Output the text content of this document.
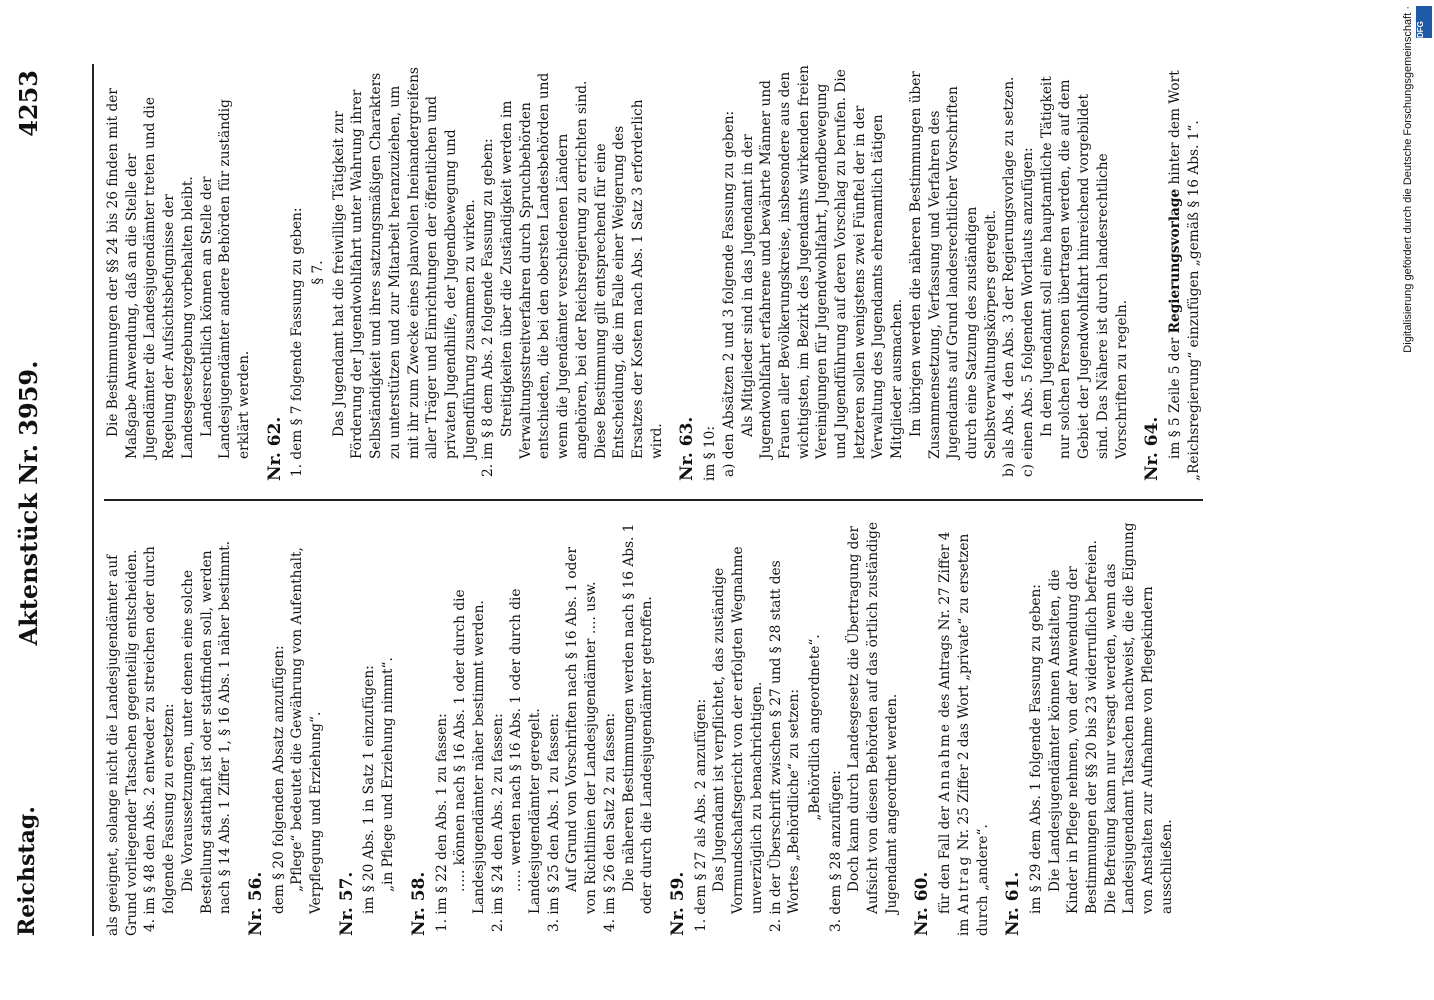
Reichstag.
Aktenstück Nr. 3959.
4253

als geeignet, solange nicht die Landesjugendämter auf Grund vorliegender Tatsachen gegenteilig entscheiden. 4. im § 48 den Abs. 2 entweder zu streichen oder durch folgende Fassung zu ersetzen: Die Voraussetzungen, unter denen eine solche Bestellung statthaft ist oder stattfinden soll, werden nach § 14 Abs. 1 Ziffer 1, § 16 Abs. 1 näher bestimmt. Nr. 56. dem § 20 folgenden Absatz anzufügen: „Pflege“ bedeutet die Gewährung von Aufenthalt, Verpflegung und Erziehung“. Nr. 57. im § 20 Abs. 1 in Satz 1 einzufügen: „in Pflege und Erziehung nimmt“.

Nr. 58. 1. im § 22 den Abs. 1 zu fassen: ….. können nach § 16 Abs. 1 oder durch die Landesjugendämter näher bestimmt werden. 2. im § 24 den Abs. 2 zu fassen: ….. werden nach § 16 Abs. 1 oder durch die Landesjugendämter geregelt. 3. im § 25 den Abs. 1 zu fassen: Auf Grund von Vorschriften nach § 16 Abs. 1 oder von Richtlinien der Landesjugendämter …. usw. 4. im § 26 den Satz 2 zu fassen: Die näheren Bestimmungen werden nach § 16 Abs. 1 oder durch die Landesjugendämter getroffen. Nr. 59. 1. dem § 27 als Abs. 2 anzufügen: Das Jugendamt ist verpflichtet, das zuständige Vormundschaftsgericht von der erfolgten Wegnahme unverzüglich zu benachrichtigen. 2. in der Überschrift zwischen § 27 und § 28 statt des Wortes „Behördliche“ zu setzen: „Behördlich angeordnete“.

3. dem § 28 anzufügen: Doch kann durch Landesgesetz die Übertragung der Aufsicht von diesen Behörden auf das örtlich zuständige Jugendamt angeordnet werden. Nr. 60. für den Fall der Annahme des Antrags Nr. 27 Ziffer 4 im Antrag Nr. 25 Ziffer 2 das Wort „private“ zu ersetzen durch „andere“. Nr. 61. im § 29 dem Abs. 1 folgende Fassung zu geben: Die Landesjugendämter können Anstalten, die Kinder in Pflege nehmen, von der Anwendung der Bestimmungen der §§ 20 bis 23 widerruflich befreien. Die Befreiung kann nur versagt werden, wenn das Landesjugendamt Tatsachen nachweist, die die Eignung von Anstalten zur Aufnahme von Pflegekindern ausschließen.

Die Bestimmungen der §§ 24 bis 26 finden mit der Maßgabe Anwendung, daß an die Stelle der Jugendämter die Landesjugendämter treten und die Regelung der Aufsichtsbefugnisse der Landesgesetzgebung vorbehalten bleibt. Landesrechtlich können an Stelle der Landesjugendämter andere Behörden für zuständig erklärt werden. Nr. 62. 1. dem § 7 folgende Fassung zu geben: § 7. Das Jugendamt hat die freiwillige Tätigkeit zur Förderung der Jugendwohlfahrt unter Wahrung ihrer Selbständigkeit und ihres satzungsmäßigen Charakters zu unterstützen und zur Mitarbeit heranzuziehen, um mit ihr zum Zwecke eines planvollen Ineinandergreifens aller Träger und Einrichtungen der öffentlichen und privaten Jugendhilfe, der Jugendbewegung und Jugendführung zusammen zu wirken. 2. im § 8 dem Abs. 2 folgende Fassung zu geben: Streitigkeiten über die Zuständigkeit werden im Verwaltungsstreitverfahren durch Spruchbehörden entschieden, die bei den obersten Landesbehörden und wenn die Jugendämter verschiedenen Ländern angehören, bei der Reichsregierung zu errichten sind. Diese Bestimmung gilt entsprechend für eine Entscheidung, die im Falle einer Weigerung des Ersatzes der Kosten nach Abs. 1 Satz 3 erforderlich wird. Nr. 63. im § 10: a) den Absätzen 2 und 3 folgende Fassung zu geben: Als Mitglieder sind in das Jugendamt in der Jugendwohlfahrt erfahrene und bewährte Männer und Frauen aller Bevölkerungskreise, insbesondere aus den wichtigsten, im Bezirk des Jugendamts wirkenden freien Vereinigungen für Jugendwohlfahrt, Jugendbewegung und Jugendführung auf deren Vorschlag zu berufen. Die letzteren sollen wenigstens zwei Fünftel der in der Verwaltung des Jugendamts ehrenamtlich tätigen Mitglieder ausmachen. Im übrigen werden die näheren Bestimmungen über Zusammensetzung, Verfassung und Verfahren des Jugendamts auf Grund landesrechtlicher Vorschriften durch eine Satzung des zuständigen Selbstverwaltungskörpers geregelt. b) als Abs. 4 den Abs. 3 der Regierungsvorlage zu setzen. c) einen Abs. 5 folgenden Wortlauts anzufügen: In dem Jugendamt soll eine hauptamtliche Tätigkeit nur solchen Personen übertragen werden, die auf dem Gebiet der Jugendwohlfahrt hinreichend vorgebildet sind. Das Nähere ist durch landesrechtliche Vorschriften zu regeln. Nr. 64. im § 5 Zeile 5 der Regierungsvorlage hinter dem Wort „Reichsregierung“ einzufügen „gemäß § 16 Abs. 1“.	Digitalisierung gefördert durch die Deutsche Forschungsgemeinschaft · DFG
